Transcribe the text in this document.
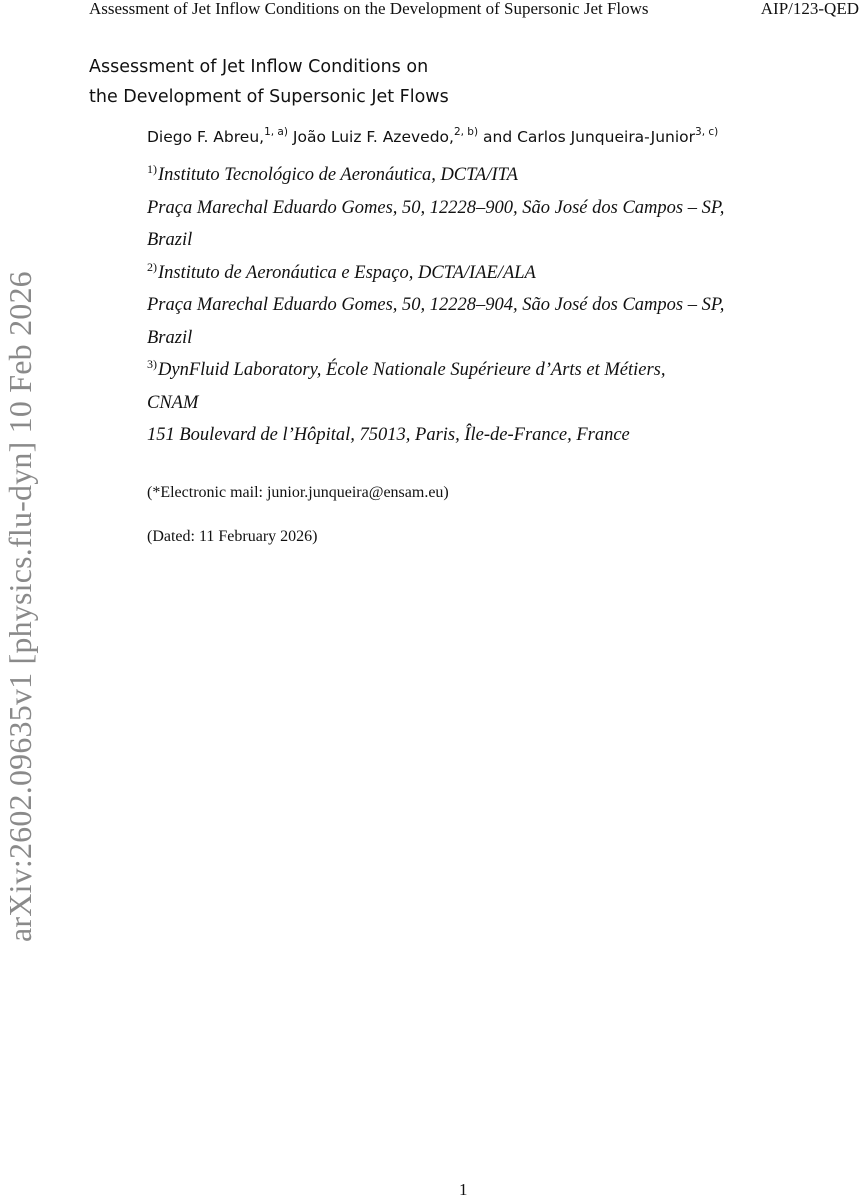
Assessment of Jet Inflow Conditions on the Development of Supersonic Jet Flows	AIP/123-QED
arXiv:2602.09635v1 [physics.flu-dyn] 10 Feb 2026
Assessment of Jet Inflow Conditions on
the Development of Supersonic Jet Flows
Diego F. Abreu,$^{1, a)}$ João Luiz F. Azevedo,$^{2, b)}$ and Carlos Junqueira-Junior$^{3, c)}$
$^{1)}$Instituto Tecnológico de Aeronáutica, DCTA/ITA
Praça Marechal Eduardo Gomes, 50, 12228–900, São José dos Campos – SP,
Brazil
$^{2)}$Instituto de Aeronáutica e Espaço, DCTA/IAE/ALA
Praça Marechal Eduardo Gomes, 50, 12228–904, São José dos Campos – SP,
Brazil
$^{3)}$DynFluid Laboratory, École Nationale Supérieure d’Arts et Métiers,
CNAM
151 Boulevard de l’Hôpital, 75013, Paris, Île-de-France, France
(*Electronic mail: junior.junqueira@ensam.eu)
(Dated: 11 February 2026)
1
